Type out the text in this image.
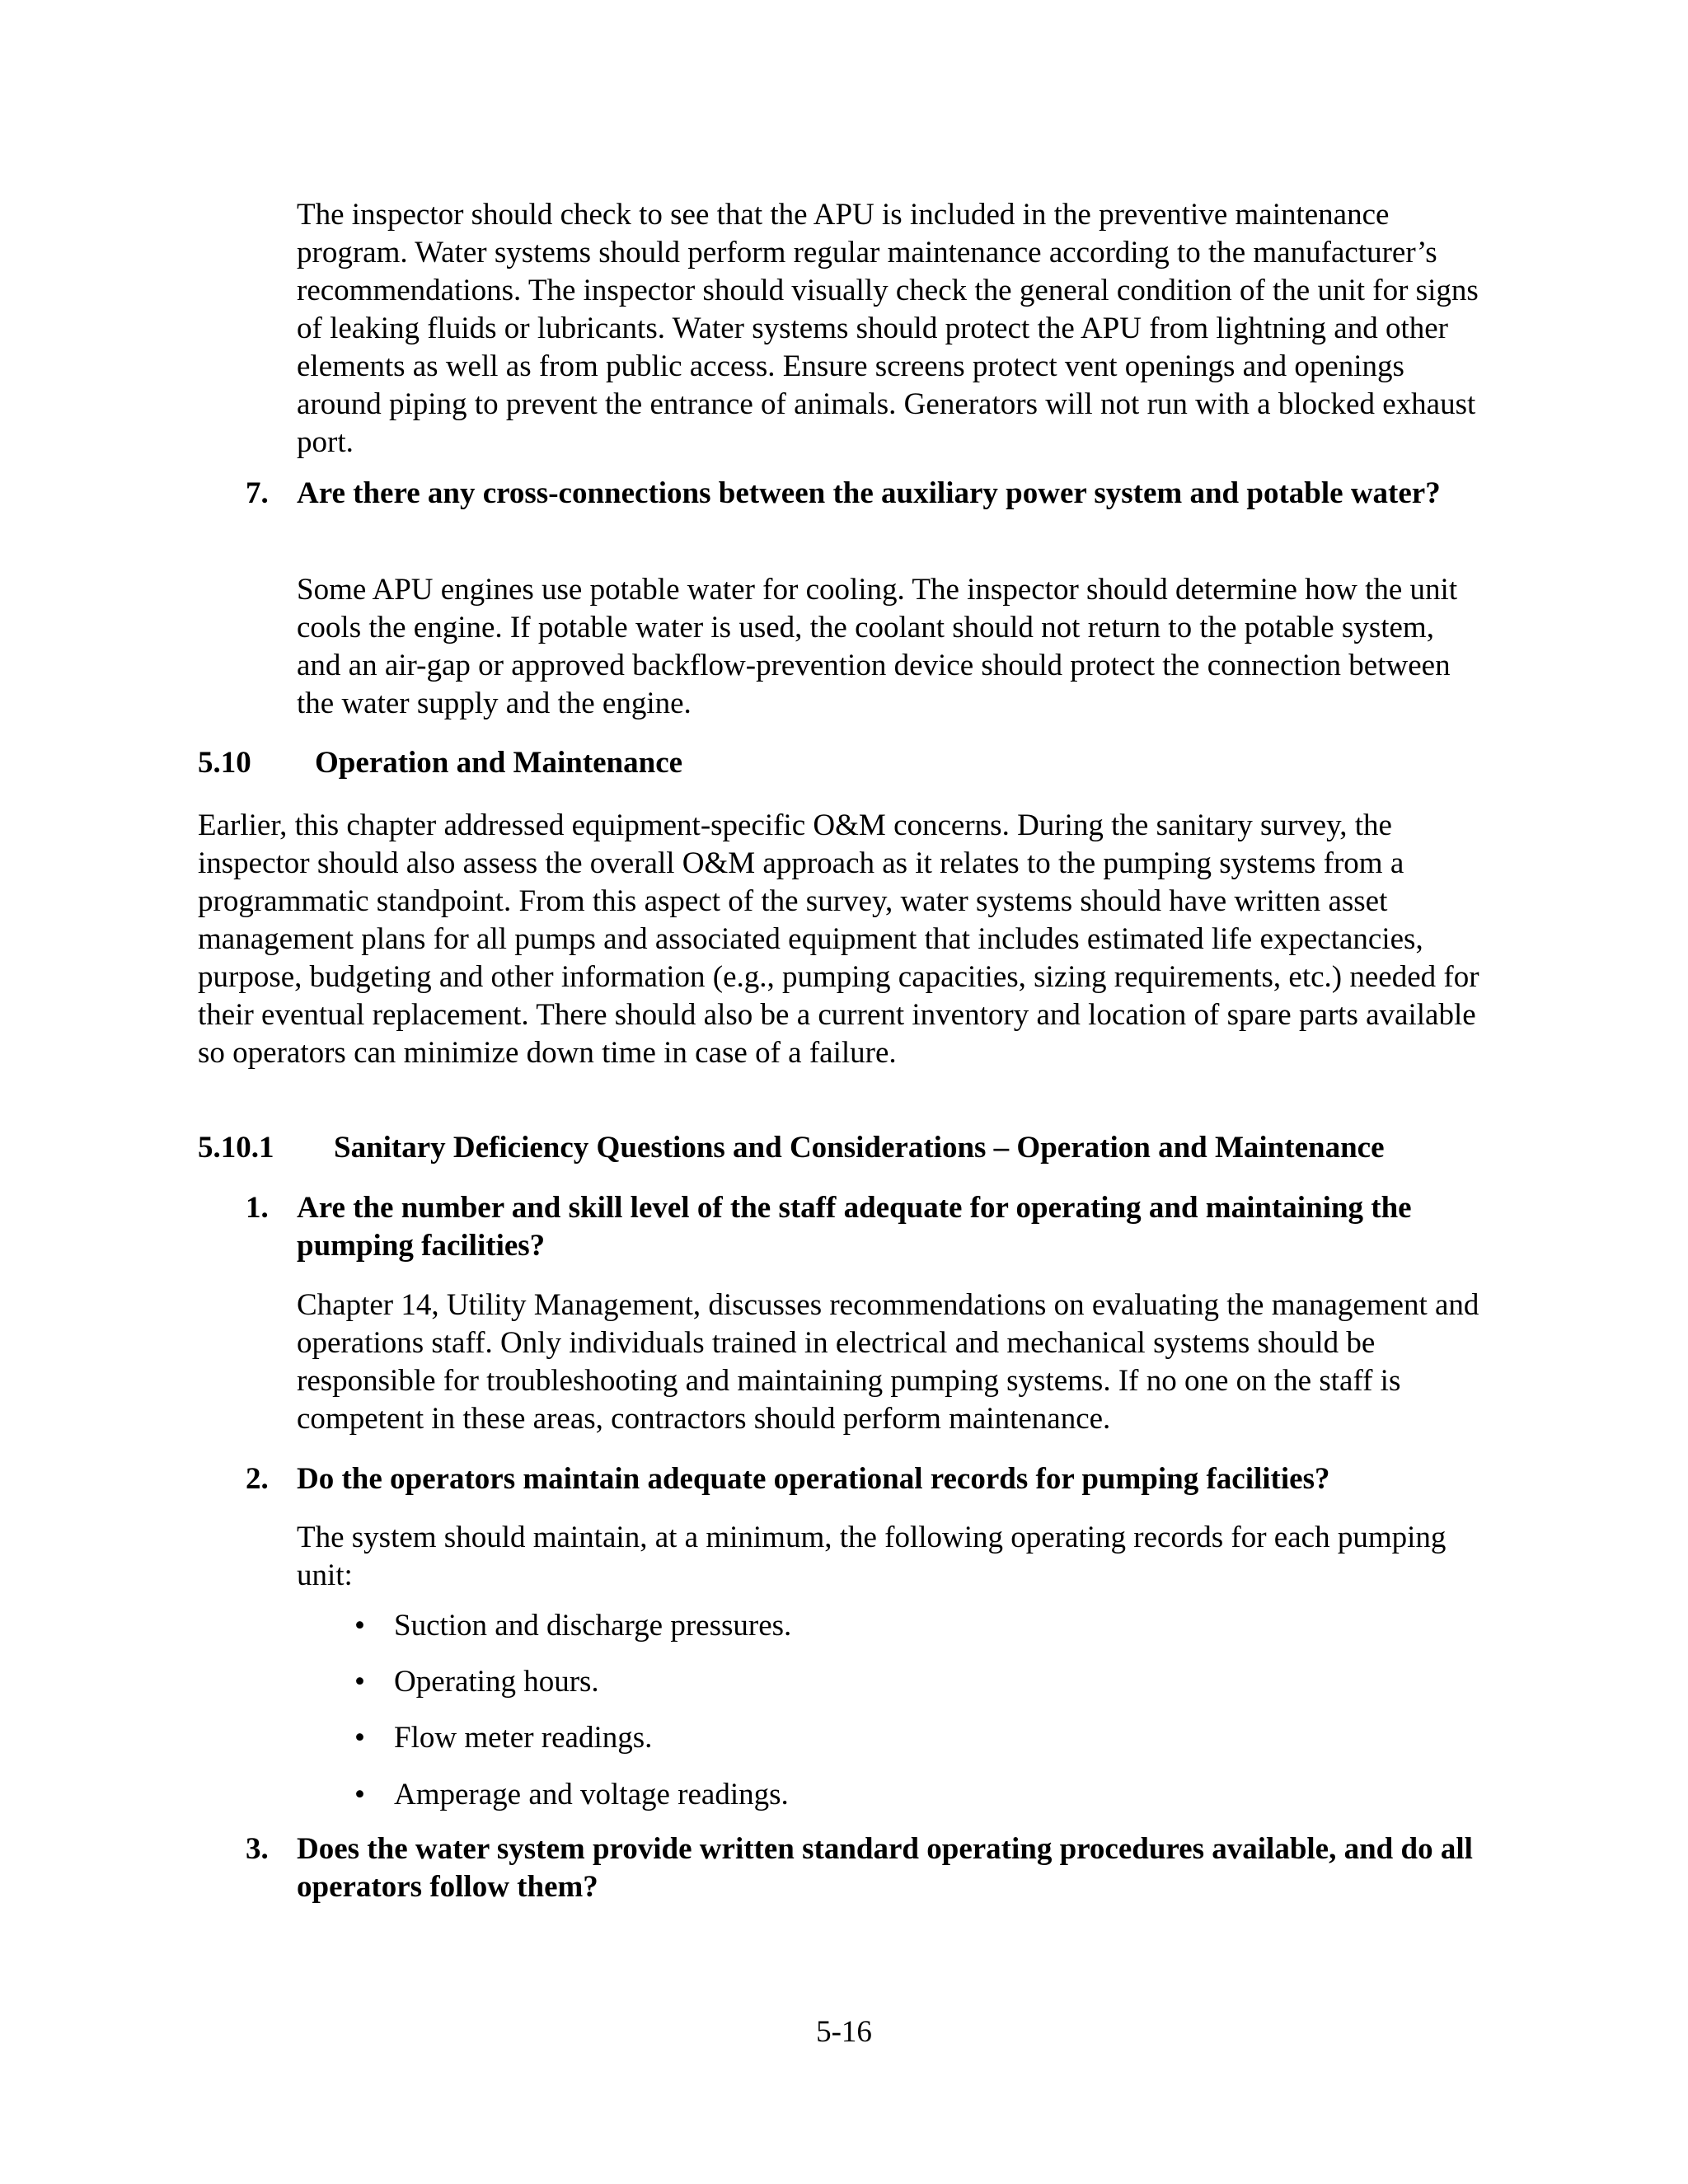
The inspector should check to see that the APU is included in the preventive maintenance program. Water systems should perform regular maintenance according to the manufacturer’s recommendations. The inspector should visually check the general condition of the unit for signs of leaking fluids or lubricants. Water systems should protect the APU from lightning and other elements as well as from public access. Ensure screens protect vent openings and openings around piping to prevent the entrance of animals. Generators will not run with a blocked exhaust port.

7. Are there any cross-connections between the auxiliary power system and potable water?

Some APU engines use potable water for cooling. The inspector should determine how the unit cools the engine. If potable water is used, the coolant should not return to the potable system, and an air-gap or approved backflow-prevention device should protect the connection between the water supply and the engine.

5.10 Operation and Maintenance

Earlier, this chapter addressed equipment-specific O&M concerns. During the sanitary survey, the inspector should also assess the overall O&M approach as it relates to the pumping systems from a programmatic standpoint. From this aspect of the survey, water systems should have written asset management plans for all pumps and associated equipment that includes estimated life expectancies, purpose, budgeting and other information (e.g., pumping capacities, sizing requirements, etc.) needed for their eventual replacement. There should also be a current inventory and location of spare parts available so operators can minimize down time in case of a failure.

5.10.1 Sanitary Deficiency Questions and Considerations – Operation and Maintenance
1. Are the number and skill level of the staff adequate for operating and maintaining the pumping facilities?

Chapter 14, Utility Management, discusses recommendations on evaluating the management and operations staff. Only individuals trained in electrical and mechanical systems should be responsible for troubleshooting and maintaining pumping systems. If no one on the staff is competent in these areas, contractors should perform maintenance.

2. Do the operators maintain adequate operational records for pumping facilities?

The system should maintain, at a minimum, the following operating records for each pumping unit:

• Suction and discharge pressures.
• Operating hours.
• Flow meter readings.
• Amperage and voltage readings.
3. Does the water system provide written standard operating procedures available, and do all operators follow them?

5-16
